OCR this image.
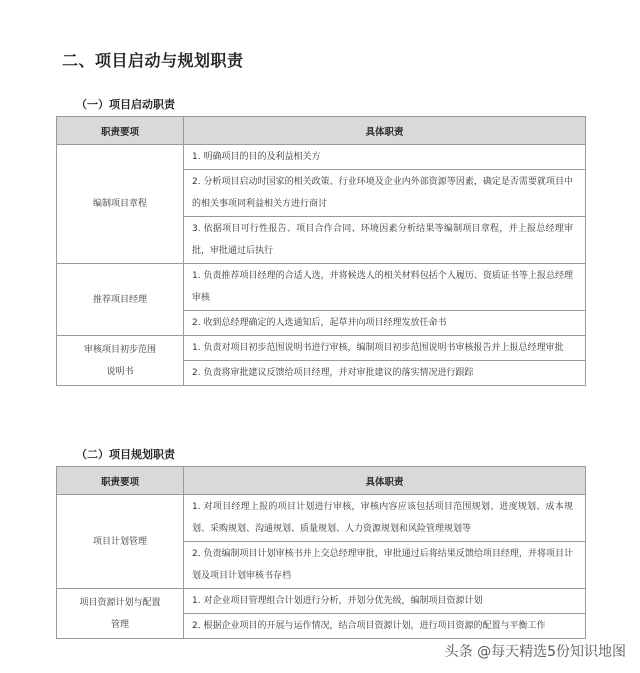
二、项目启动与规划职责
（一）项目启动职责
职责要项	具体职责
编制项目章程	1. 明确项目的目的及利益相关方
	2. 分析项目启动时国家的相关政策、行业环境及企业内外部资源等因素，确定是否需要就项目中的相关事项同利益相关方进行商讨
	3. 依据项目可行性报告、项目合作合同、环境因素分析结果等编制项目章程，并上报总经理审批，审批通过后执行
推荐项目经理	1. 负责推荐项目经理的合适人选，并将候选人的相关材料包括个人履历、资质证书等上报总经理审核
	2. 收到总经理确定的人选通知后，起草并向项目经理发放任命书
审核项目初步范围说明书	1. 负责对项目初步范围说明书进行审核，编制项目初步范围说明书审核报告并上报总经理审批
	2. 负责将审批建议反馈给项目经理，并对审批建议的落实情况进行跟踪
（二）项目规划职责
职责要项	具体职责
项目计划管理	1. 对项目经理上报的项目计划进行审核，审核内容应该包括项目范围规划、进度规划、成本规划、采购规划、沟通规划、质量规划、人力资源规划和风险管理规划等
	2. 负责编制项目计划审核书并上交总经理审批，审批通过后将结果反馈给项目经理，并将项目计划及项目计划审核书存档
项目资源计划与配置管理	1. 对企业项目管理组合计划进行分析，并划分优先级，编制项目资源计划
	2. 根据企业项目的开展与运作情况，结合项目资源计划，进行项目资源的配置与平衡工作
头条 @每天精选5份知识地图
